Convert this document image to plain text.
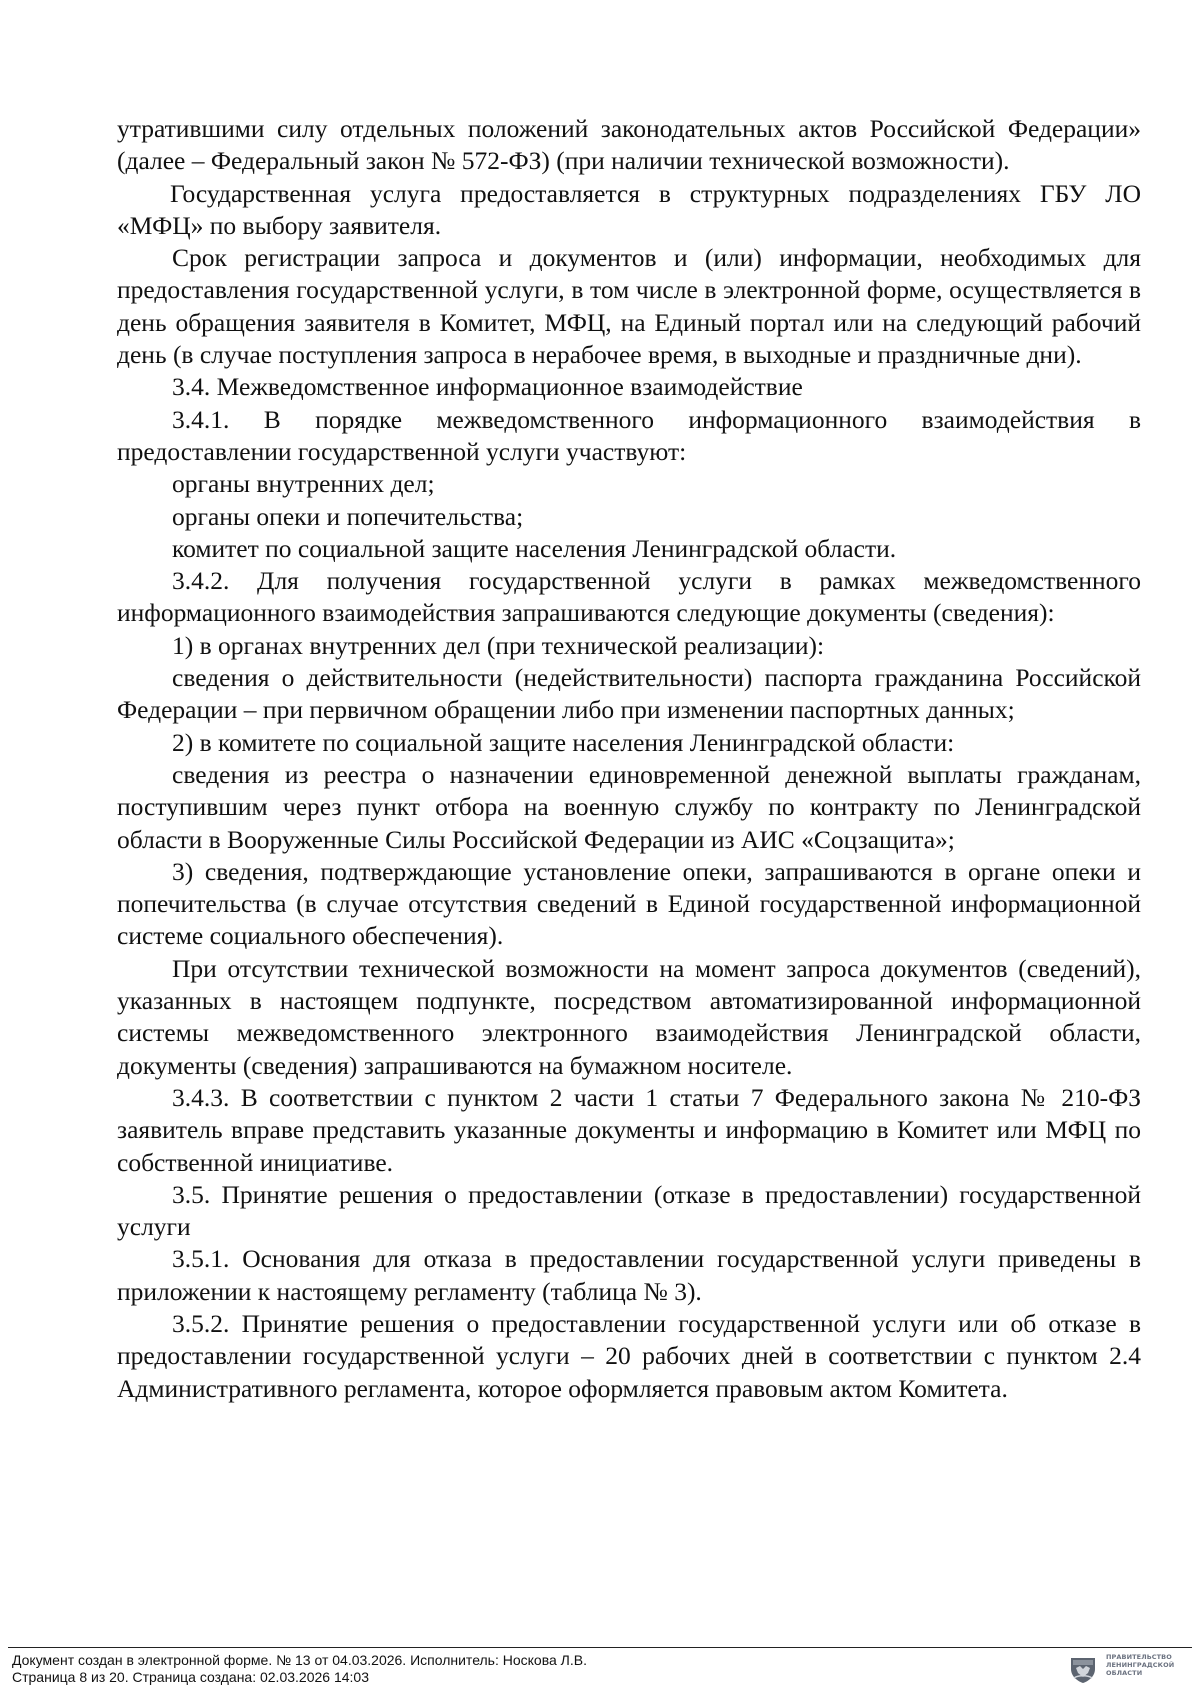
утратившими силу отдельных положений законодательных актов Российской Федерации» (далее – Федеральный закон № 572-ФЗ) (при наличии технической возможности).

Государственная услуга предоставляется в структурных подразделениях ГБУ ЛО «МФЦ» по выбору заявителя.

Срок регистрации запроса и документов и (или) информации, необходимых для предоставления государственной услуги, в том числе в электронной форме, осуществляется в день обращения заявителя в Комитет, МФЦ, на Единый портал или на следующий рабочий день (в случае поступления запроса в нерабочее время, в выходные и праздничные дни).

3.4. Межведомственное информационное взаимодействие

3.4.1. В порядке межведомственного информационного взаимодействия в предоставлении государственной услуги участвуют:

органы внутренних дел;

органы опеки и попечительства;

комитет по социальной защите населения Ленинградской области.

3.4.2. Для получения государственной услуги в рамках межведомственного информационного взаимодействия запрашиваются следующие документы (сведения):

1) в органах внутренних дел (при технической реализации):

сведения о действительности (недействительности) паспорта гражданина Российской Федерации – при первичном обращении либо при изменении паспортных данных;

2) в комитете по социальной защите населения Ленинградской области:

сведения из реестра о назначении единовременной денежной выплаты гражданам, поступившим через пункт отбора на военную службу по контракту по Ленинградской области в Вооруженные Силы Российской Федерации из АИС «Соцзащита»;

3) сведения, подтверждающие установление опеки, запрашиваются в органе опеки и попечительства (в случае отсутствия сведений в Единой государственной информационной системе социального обеспечения).

При отсутствии технической возможности на момент запроса документов (сведений), указанных в настоящем подпункте, посредством автоматизированной информационной системы межведомственного электронного взаимодействия Ленинградской области, документы (сведения) запрашиваются на бумажном носителе.

3.4.3. В соответствии с пунктом 2 части 1 статьи 7 Федерального закона № 210-ФЗ заявитель вправе представить указанные документы и информацию в Комитет или МФЦ по собственной инициативе.

3.5. Принятие решения о предоставлении (отказе в предоставлении) государственной услуги

3.5.1. Основания для отказа в предоставлении государственной услуги приведены в приложении к настоящему регламенту (таблица № 3).

3.5.2. Принятие решения о предоставлении государственной услуги или об отказе в предоставлении государственной услуги – 20 рабочих дней в соответствии с пунктом 2.4 Административного регламента, которое оформляется правовым актом Комитета.

Документ создан в электронной форме. № 13 от 04.03.2026. Исполнитель: Носкова Л.В.
Страница 8 из 20. Страница создана: 02.03.2026 14:03
ПРАВИТЕЛЬСТВО
ЛЕНИНГРАДСКОЙ
ОБЛАСТИ
